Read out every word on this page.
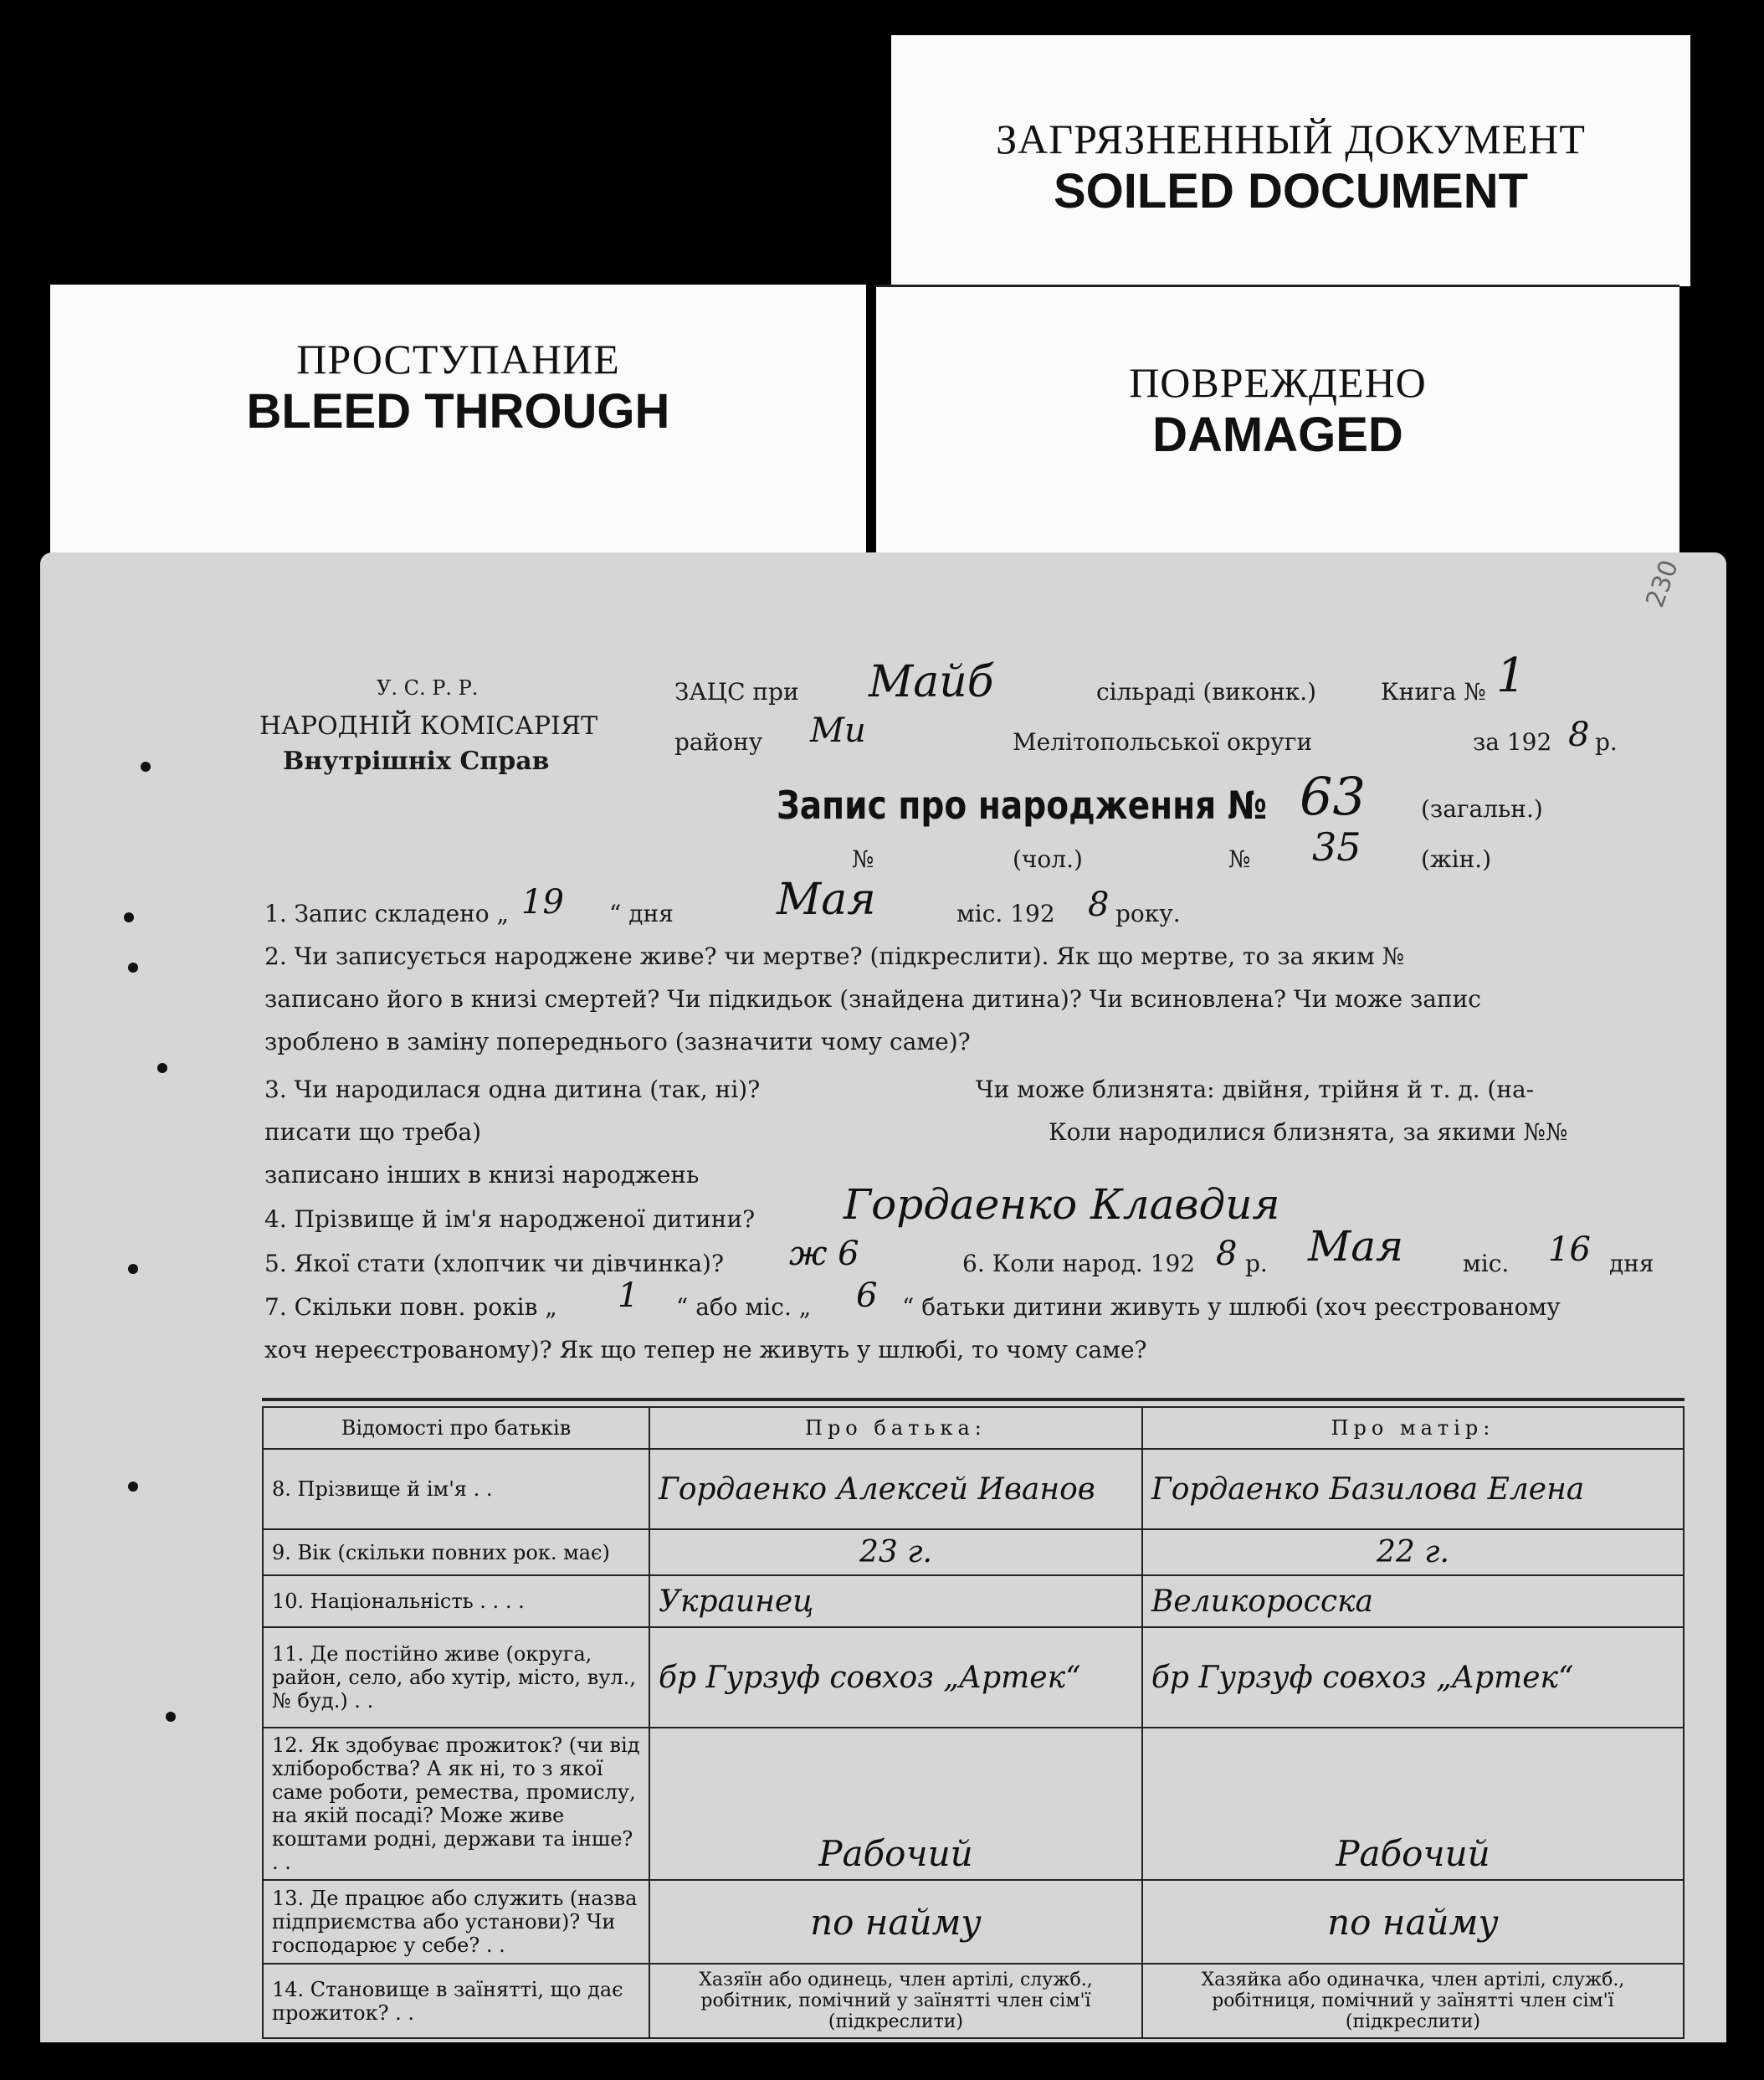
ЗАГРЯЗНЕННЫЙ ДОКУМЕНТ
SOILED DOCUMENT
ПРОСТУПАНИЕ
BLEED THROUGH
ПОВРЕЖДЕНО
DAMAGED
230
У. С. Р. Р.
НАРОДНІЙ КОМІСАРІЯТ
Внутрішніх Справ
ЗАЦС при Майб	сільраді (виконк.)	Книга № 1
району Ми	Мелітопольської округи	за 192 8 р.
Запис про народження № 63 (загальн.)
№	(чол.)	№ 35	(жін.)
1. Запис складено „ 19 “ дня Мая	міс. 192 8 року.
2. Чи записується народжене живе? чи мертве? (підкреслити). Як що мертве, то за яким №
записано його в книзі смертей? Чи підкидьок (знайдена дитина)? Чи всиновлена? Чи може запис
зроблено в заміну попереднього (зазначити чому саме)?
3. Чи народилася одна дитина (так, ні)?	Чи може близнята: двійня, трійня й т. д. (на-
писати що треба)	Коли народилися близнята, за якими №№
записано інших в книзі народжень
4. Прізвище й ім'я народженої дитини? Гордаенко Клавдия
5. Якої стати (хлопчик чи дівчинка)? ж 6	6. Коли народ. 192 8 р. Мая	міс. 16 дня
7. Скільки повн. років „ 1 “ або міс. „ 6 “ батьки дитини живуть у шлюбі (хоч реєстрованому
хоч нереєстрованому)? Як що тепер не живуть у шлюбі, то чому саме?
Відомості про батьків	Про батька:	Про матір:
8. Прізвище й ім'я . .	Гордаенко Алексей Иванов	Гордаенко Базилова Елена
9. Вік (скільки повних рок. має)	23 г.	22 г.
10. Національність . . . .	Украинец	Великоросска
11. Де постійно живе (округа, район, село, або хутір, місто, вул., № буд.) . .	бр Гурзуф совхоз „Артек“	бр Гурзуф совхоз „Артек“
12. Як здобуває прожиток? (чи від хліборобства? А як ні, то з якої саме роботи, ремества, промислу, на якій посаді? Може живе коштами родні, держави та інше? . .	Рабочий	Рабочий
13. Де працює або служить (назва підприємства або установи)? Чи господарює у себе? . .	по найму	по найму
14. Становище в заїнятті, що дає прожиток? . .	Хазяїн або одинець, член артілі, служб., робітник, помічний у заїнятті член сім'ї (підкреслити)	Хазяйка або одиначка, член артілі, служб., робітниця, помічний у заїнятті член сім'ї (підкреслити)
